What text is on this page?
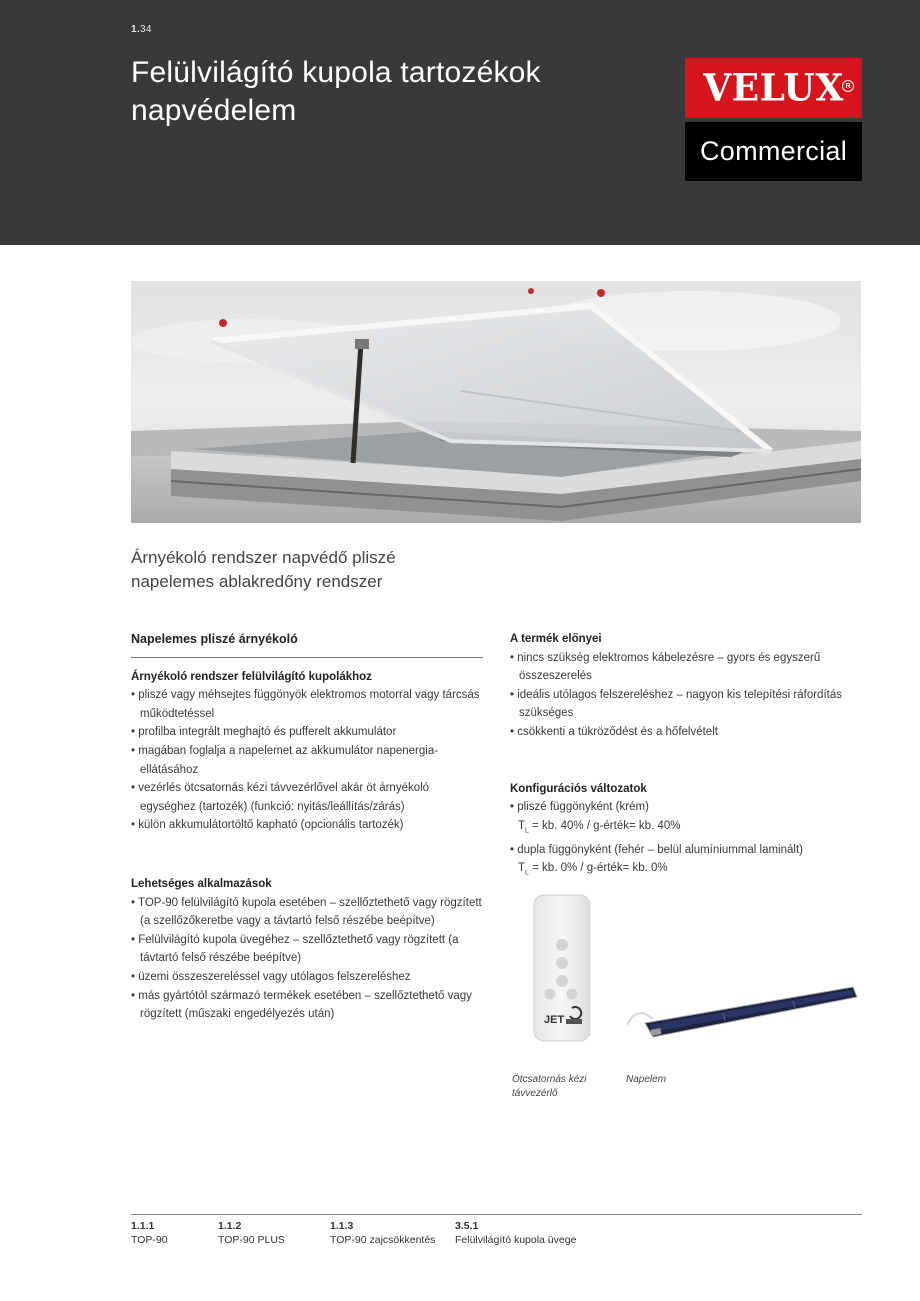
1.34
Felülvilágító kupola tartozékok
napvédelem
VELUX R
Commercial
Árnyékoló rendszer napvédő pliszé
napelemes ablakredőny rendszer
Napelemes pliszé árnyékoló
Árnyékoló rendszer felülvilágító kupolákhoz
• pliszé vagy méhsejtes függönyök elektromos motorral vagy tárcsás működtetéssel
• profilba integrált meghajtó és pufferelt akkumulátor
• magában foglalja a napelemet az akkumulátor napenergia-ellátásához
• vezérlés ötcsatornás kézi távvezérlővel akár öt árnyékoló egységhez (tartozék) (funkció: nyitás/leállítás/zárás)
• külön akkumulátortöltő kapható (opcionális tartozék)
Lehetséges alkalmazások
• TOP-90 felülvilágító kupola esetében – szellőztethető vagy rögzített (a szellőzőkeretbe vagy a távtartó felső részébe beépítve)
• Felülvilágító kupola üvegéhez – szellőztethető vagy rögzített (a távtartó felső részébe beépítve)
• üzemi összeszereléssel vagy utólagos felszereléshez
• más gyártótól származó termékek esetében – szellőztethető vagy rögzített (műszaki engedélyezés után)
A termék előnyei
• nincs szükség elektromos kábelezésre – gyors és egyszerű összeszerelés
• ideális utólagos felszereléshez – nagyon kis telepítési ráfordítás szükséges
• csökkenti a tükröződést és a hőfelvételt
Konfigurációs változatok
• pliszé függönyként (krém)
$T_L$ = kb. 40% / g-érték= kb. 40%
• dupla függönyként (fehér – belül alumíniummal laminált)
$T_L$ = kb. 0% / g-érték= kb. 0%
JET
Ötcsatornás kézi távvezérlő
Napelem
1.1.1
TOP-90
1.1.2
TOP-90 PLUS
1.1.3
TOP-90 zajcsökkentés
3.5.1
Felülvilágító kupola üvege
